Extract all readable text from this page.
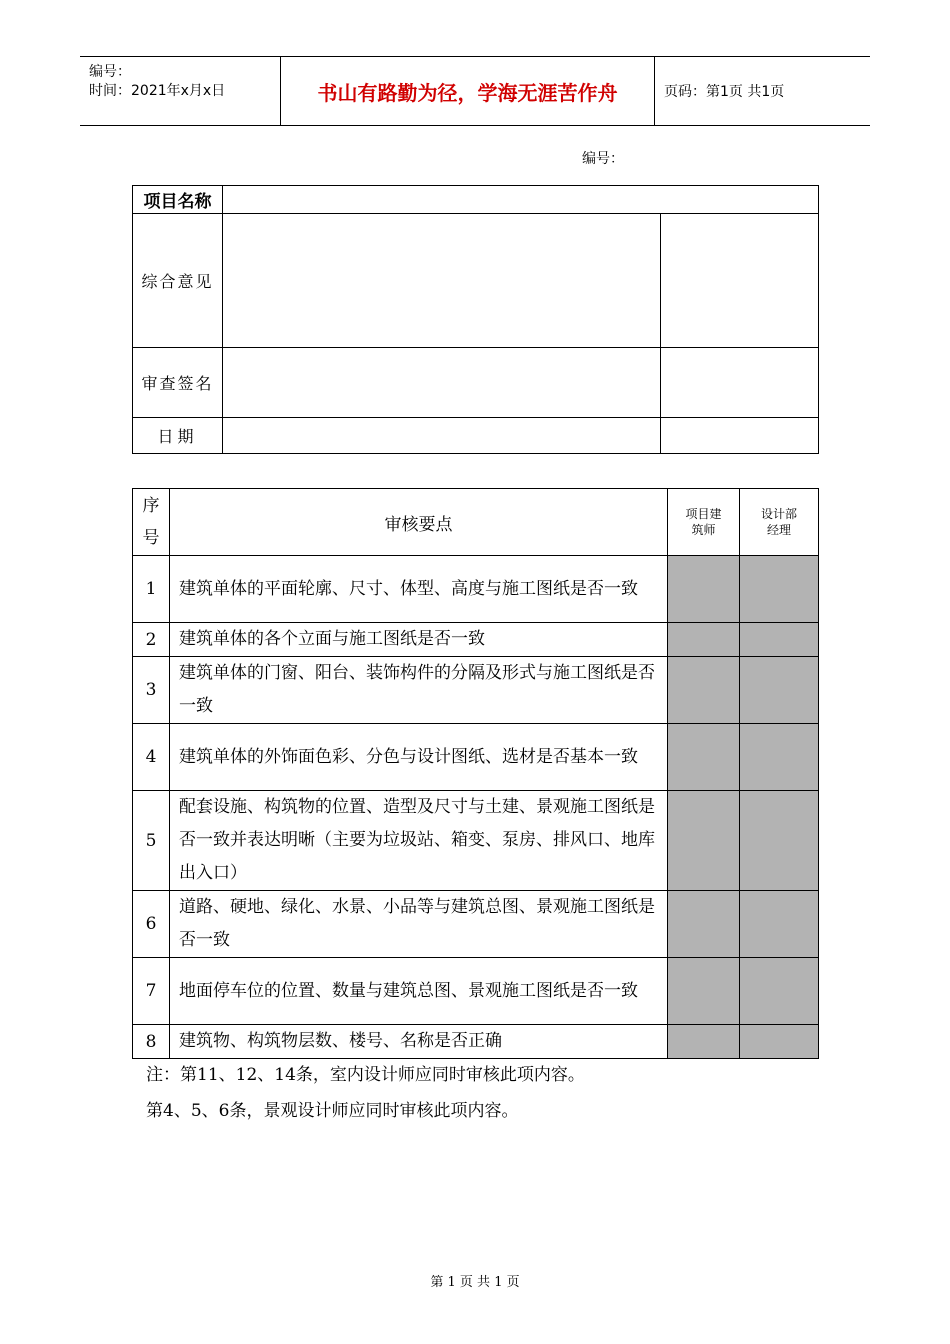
编号：
时间：2021年x月x日	书山有路勤为径，学海无涯苦作舟	页码：第1页 共1页
编号：
项目名称		
综合意见		
审查签名		
日期		
序号	审核要点	项目建筑师	设计部经理

1	建筑单体的平面轮廓、尺寸、体型、高度与施工图纸是否一致		
2	建筑单体的各个立面与施工图纸是否一致		
3	建筑单体的门窗、阳台、装饰构件的分隔及形式与施工图纸是否一致		
4	建筑单体的外饰面色彩、分色与设计图纸、选材是否基本一致		
5	配套设施、构筑物的位置、造型及尺寸与土建、景观施工图纸是否一致并表达明晰（主要为垃圾站、箱变、泵房、排风口、地库出入口）		
6	道路、硬地、绿化、水景、小品等与建筑总图、景观施工图纸是否一致		
7	地面停车位的位置、数量与建筑总图、景观施工图纸是否一致		
8	建筑物、构筑物层数、楼号、名称是否正确		
注：第11、12、14条，室内设计师应同时审核此项内容。
第4、5、6条，景观设计师应同时审核此项内容。
第 1 页 共 1 页
